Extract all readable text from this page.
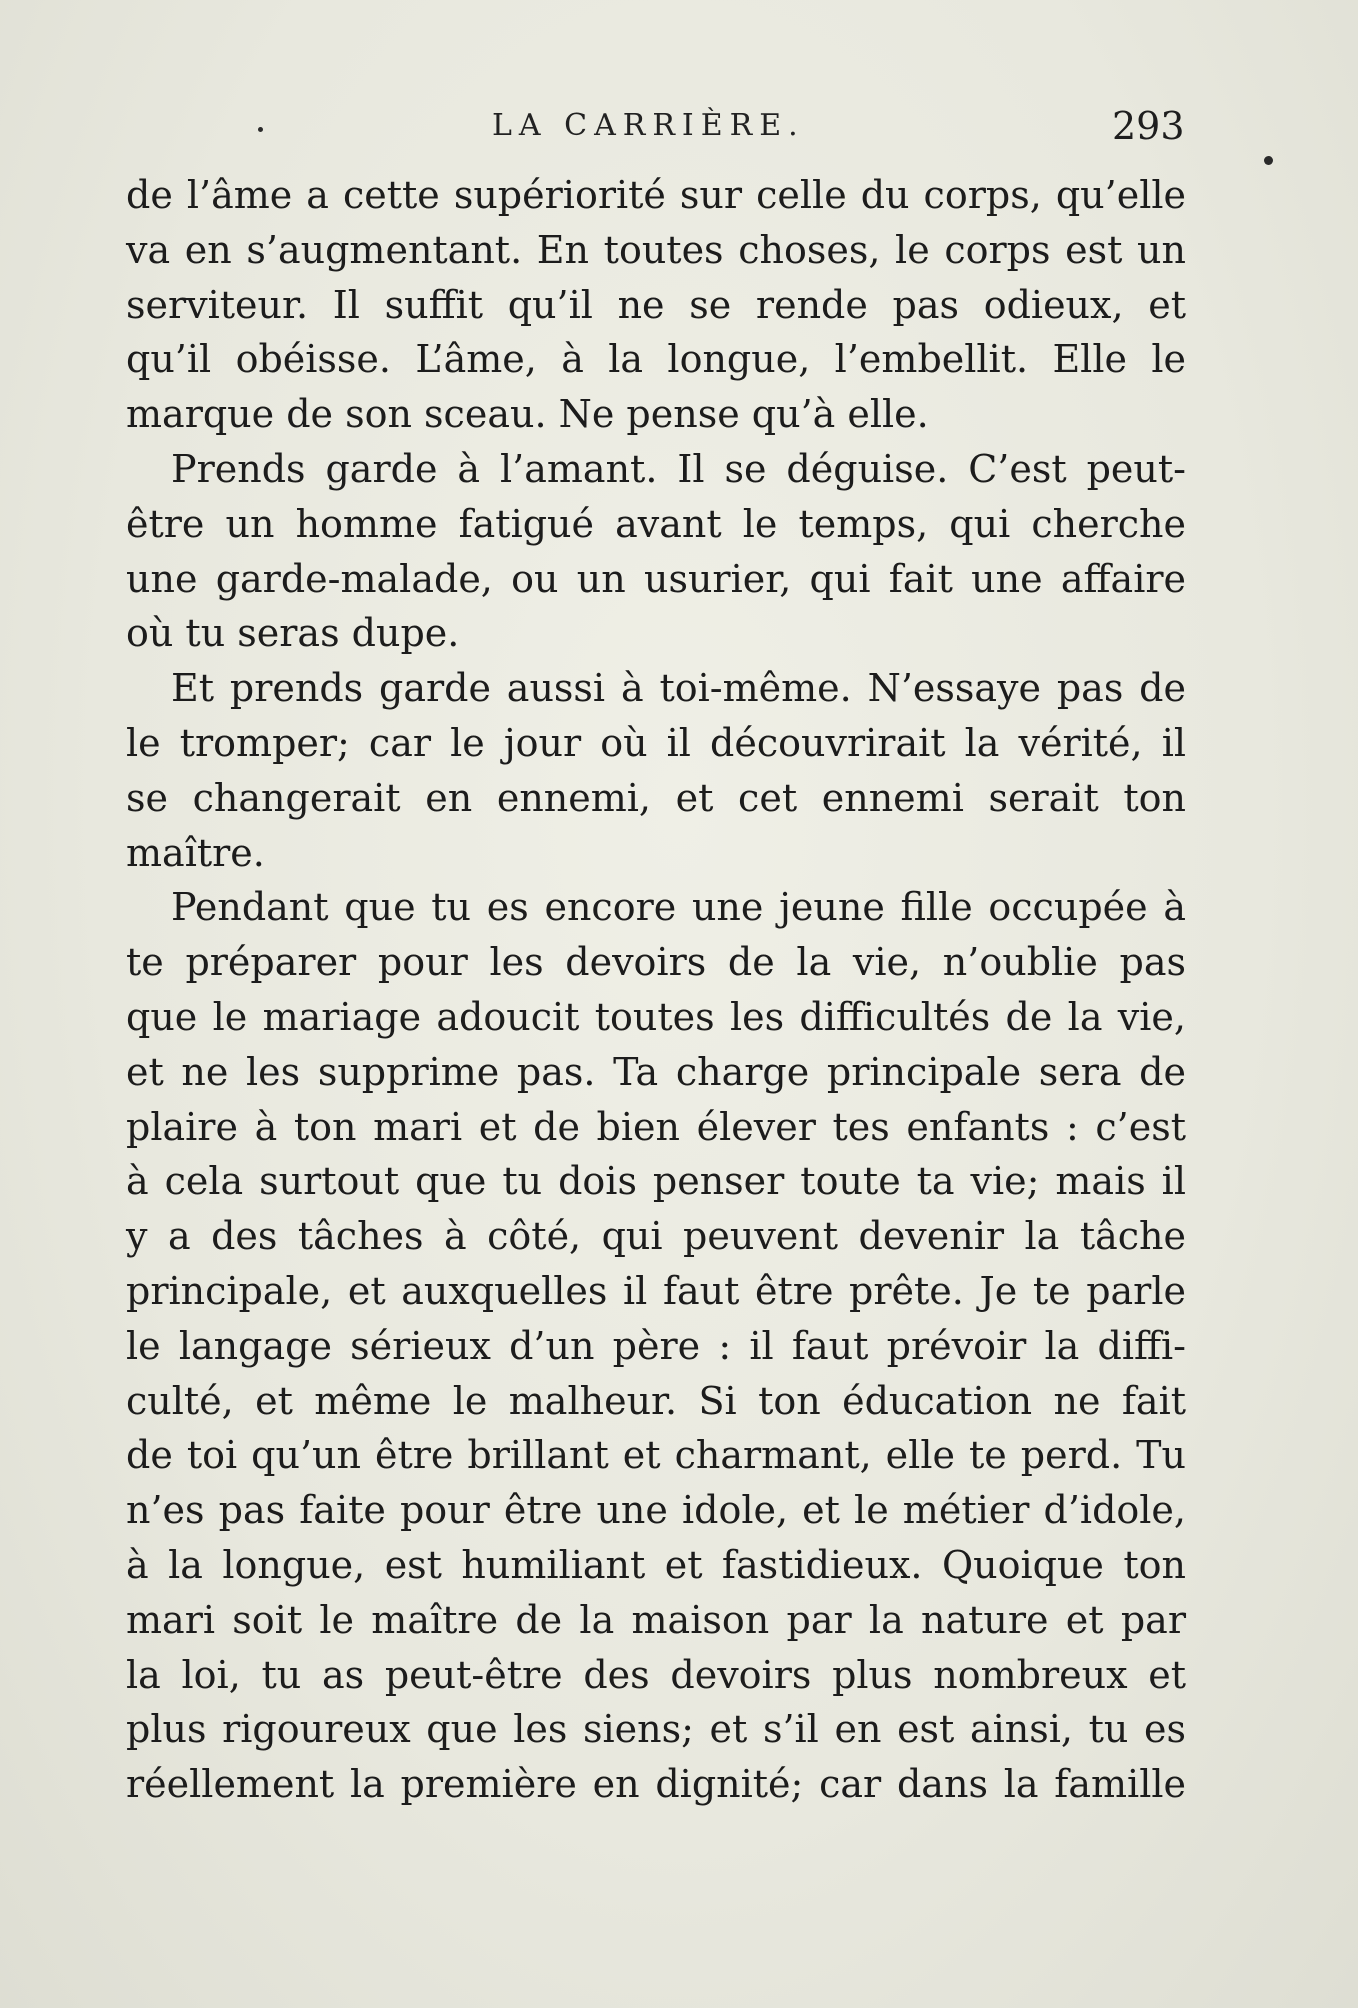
LA CARRIÈRE.	293
de l’âme a cette supériorité sur celle du corps, qu’elle
va en s’augmentant. En toutes choses, le corps est un
serviteur. Il suffit qu’il ne se rende pas odieux, et
qu’il obéisse. L’âme, à la longue, l’embellit. Elle le
marque de son sceau. Ne pense qu’à elle.
Prends garde à l’amant. Il se déguise. C’est peut-
être un homme fatigué avant le temps, qui cherche
une garde-malade, ou un usurier, qui fait une affaire
où tu seras dupe.
Et prends garde aussi à toi-même. N’essaye pas de
le tromper; car le jour où il découvrirait la vérité, il
se changerait en ennemi, et cet ennemi serait ton
maître.
Pendant que tu es encore une jeune fille occupée à
te préparer pour les devoirs de la vie, n’oublie pas
que le mariage adoucit toutes les difficultés de la vie,
et ne les supprime pas. Ta charge principale sera de
plaire à ton mari et de bien élever tes enfants : c’est
à cela surtout que tu dois penser toute ta vie; mais il
y a des tâches à côté, qui peuvent devenir la tâche
principale, et auxquelles il faut être prête. Je te parle
le langage sérieux d’un père : il faut prévoir la diffi-
culté, et même le malheur. Si ton éducation ne fait
de toi qu’un être brillant et charmant, elle te perd. Tu
n’es pas faite pour être une idole, et le métier d’idole,
à la longue, est humiliant et fastidieux. Quoique ton
mari soit le maître de la maison par la nature et par
la loi, tu as peut-être des devoirs plus nombreux et
plus rigoureux que les siens; et s’il en est ainsi, tu es
réellement la première en dignité; car dans la famille
